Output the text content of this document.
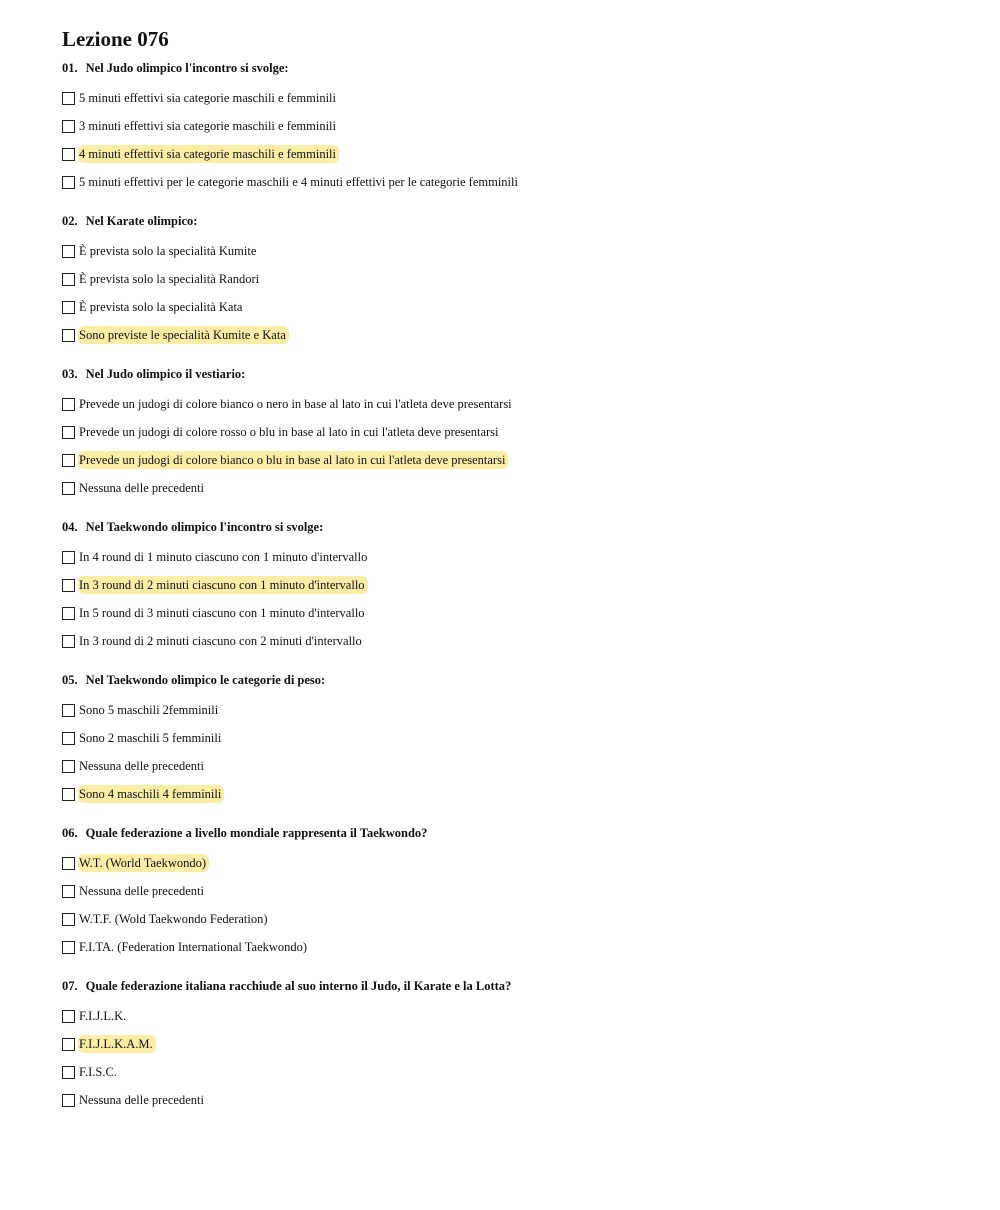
Lezione 076
01. Nel Judo olimpico l'incontro si svolge:
5 minuti effettivi sia categorie maschili e femminili
3 minuti effettivi sia categorie maschili e femminili
4 minuti effettivi sia categorie maschili e femminili
5 minuti effettivi per le categorie maschili e 4 minuti effettivi per le categorie femminili
02. Nel Karate olimpico:
È prevista solo la specialità Kumite
È prevista solo la specialità Randori
È prevista solo la specialità Kata
Sono previste le specialità Kumite e Kata
03. Nel Judo olimpico il vestiario:
Prevede un judogi di colore bianco o nero in base al lato in cui l'atleta deve presentarsi
Prevede un judogi di colore rosso o blu in base al lato in cui l'atleta deve presentarsi
Prevede un judogi di colore bianco o blu in base al lato in cui l'atleta deve presentarsi
Nessuna delle precedenti
04. Nel Taekwondo olimpico l'incontro si svolge:
In 4 round di 1 minuto ciascuno con 1 minuto d'intervallo
In 3 round di 2 minuti ciascuno con 1 minuto d'intervallo
In 5 round di 3 minuti ciascuno con 1 minuto d'intervallo
In 3 round di 2 minuti ciascuno con 2 minuti d'intervallo
05. Nel Taekwondo olimpico le categorie di peso:
Sono 5 maschili 2femminili
Sono 2 maschili 5 femminili
Nessuna delle precedenti
Sono 4 maschili 4 femminili
06. Quale federazione a livello mondiale rappresenta il Taekwondo?
W.T. (World Taekwondo)
Nessuna delle precedenti
W.T.F. (Wold Taekwondo Federation)
F.I.TA. (Federation International Taekwondo)
07. Quale federazione italiana racchiude al suo interno il Judo, il Karate e la Lotta?
F.I.J.L.K.
F.I.J.L.K.A.M.
F.I.S.C.
Nessuna delle precedenti
